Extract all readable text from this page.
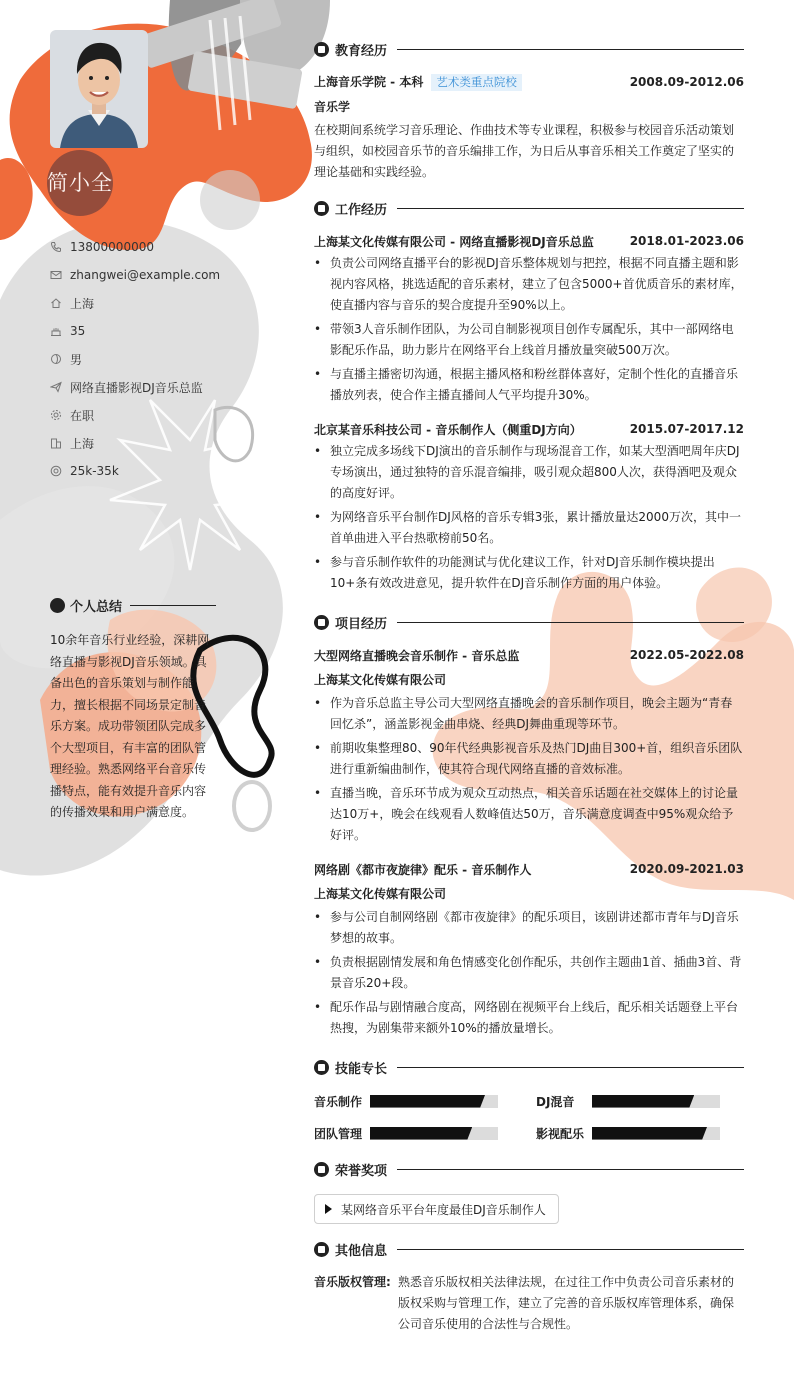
简小全
13800000000
zhangwei@example.com
上海
35
男
网络直播影视DJ音乐总监
在职
上海
25k-35k
个人总结
10余年音乐行业经验，深耕网络直播与影视DJ音乐领域。具备出色的音乐策划与制作能力，擅长根据不同场景定制音乐方案。成功带领团队完成多个大型项目，有丰富的团队管理经验。熟悉网络平台音乐传播特点，能有效提升音乐内容的传播效果和用户满意度。
教育经历
上海音乐学院 - 本科 艺术类重点院校	2008.09-2012.06
音乐学
在校期间系统学习音乐理论、作曲技术等专业课程，积极参与校园音乐活动策划与组织，如校园音乐节的音乐编排工作，为日后从事音乐相关工作奠定了坚实的理论基础和实践经验。
工作经历
上海某文化传媒有限公司 - 网络直播影视DJ音乐总监	2018.01-2023.06
• 负责公司网络直播平台的影视DJ音乐整体规划与把控，根据不同直播主题和影视内容风格，挑选适配的音乐素材，建立了包含5000+首优质音乐的素材库，使直播内容与音乐的契合度提升至90%以上。
• 带领3人音乐制作团队，为公司自制影视项目创作专属配乐，其中一部网络电影配乐作品，助力影片在网络平台上线首月播放量突破500万次。
• 与直播主播密切沟通，根据主播风格和粉丝群体喜好，定制个性化的直播音乐播放列表，使合作主播直播间人气平均提升30%。
北京某音乐科技公司 - 音乐制作人（侧重DJ方向）	2015.07-2017.12
• 独立完成多场线下DJ演出的音乐制作与现场混音工作，如某大型酒吧周年庆DJ专场演出，通过独特的音乐混音编排，吸引观众超800人次，获得酒吧及观众的高度好评。
• 为网络音乐平台制作DJ风格的音乐专辑3张，累计播放量达2000万次，其中一首单曲进入平台热歌榜前50名。
• 参与音乐制作软件的功能测试与优化建议工作，针对DJ音乐制作模块提出10+条有效改进意见，提升软件在DJ音乐制作方面的用户体验。
项目经历
大型网络直播晚会音乐制作 - 音乐总监	2022.05-2022.08
上海某文化传媒有限公司
• 作为音乐总监主导公司大型网络直播晚会的音乐制作项目，晚会主题为“青春回忆杀”，涵盖影视金曲串烧、经典DJ舞曲重现等环节。
• 前期收集整理80、90年代经典影视音乐及热门DJ曲目300+首，组织音乐团队进行重新编曲制作，使其符合现代网络直播的音效标准。
• 直播当晚，音乐环节成为观众互动热点，相关音乐话题在社交媒体上的讨论量达10万+，晚会在线观看人数峰值达50万，音乐满意度调查中95%观众给予好评。
网络剧《都市夜旋律》配乐 - 音乐制作人	2020.09-2021.03
上海某文化传媒有限公司
• 参与公司自制网络剧《都市夜旋律》的配乐项目，该剧讲述都市青年与DJ音乐梦想的故事。
• 负责根据剧情发展和角色情感变化创作配乐，共创作主题曲1首、插曲3首、背景音乐20+段。
• 配乐作品与剧情融合度高，网络剧在视频平台上线后，配乐相关话题登上平台热搜，为剧集带来额外10%的播放量增长。
技能专长
音乐制作	DJ混音
团队管理	影视配乐
荣誉奖项
某网络音乐平台年度最佳DJ音乐制作人
其他信息
音乐版权管理: 熟悉音乐版权相关法律法规，在过往工作中负责公司音乐素材的版权采购与管理工作，建立了完善的音乐版权库管理体系，确保公司音乐使用的合法性与合规性。
